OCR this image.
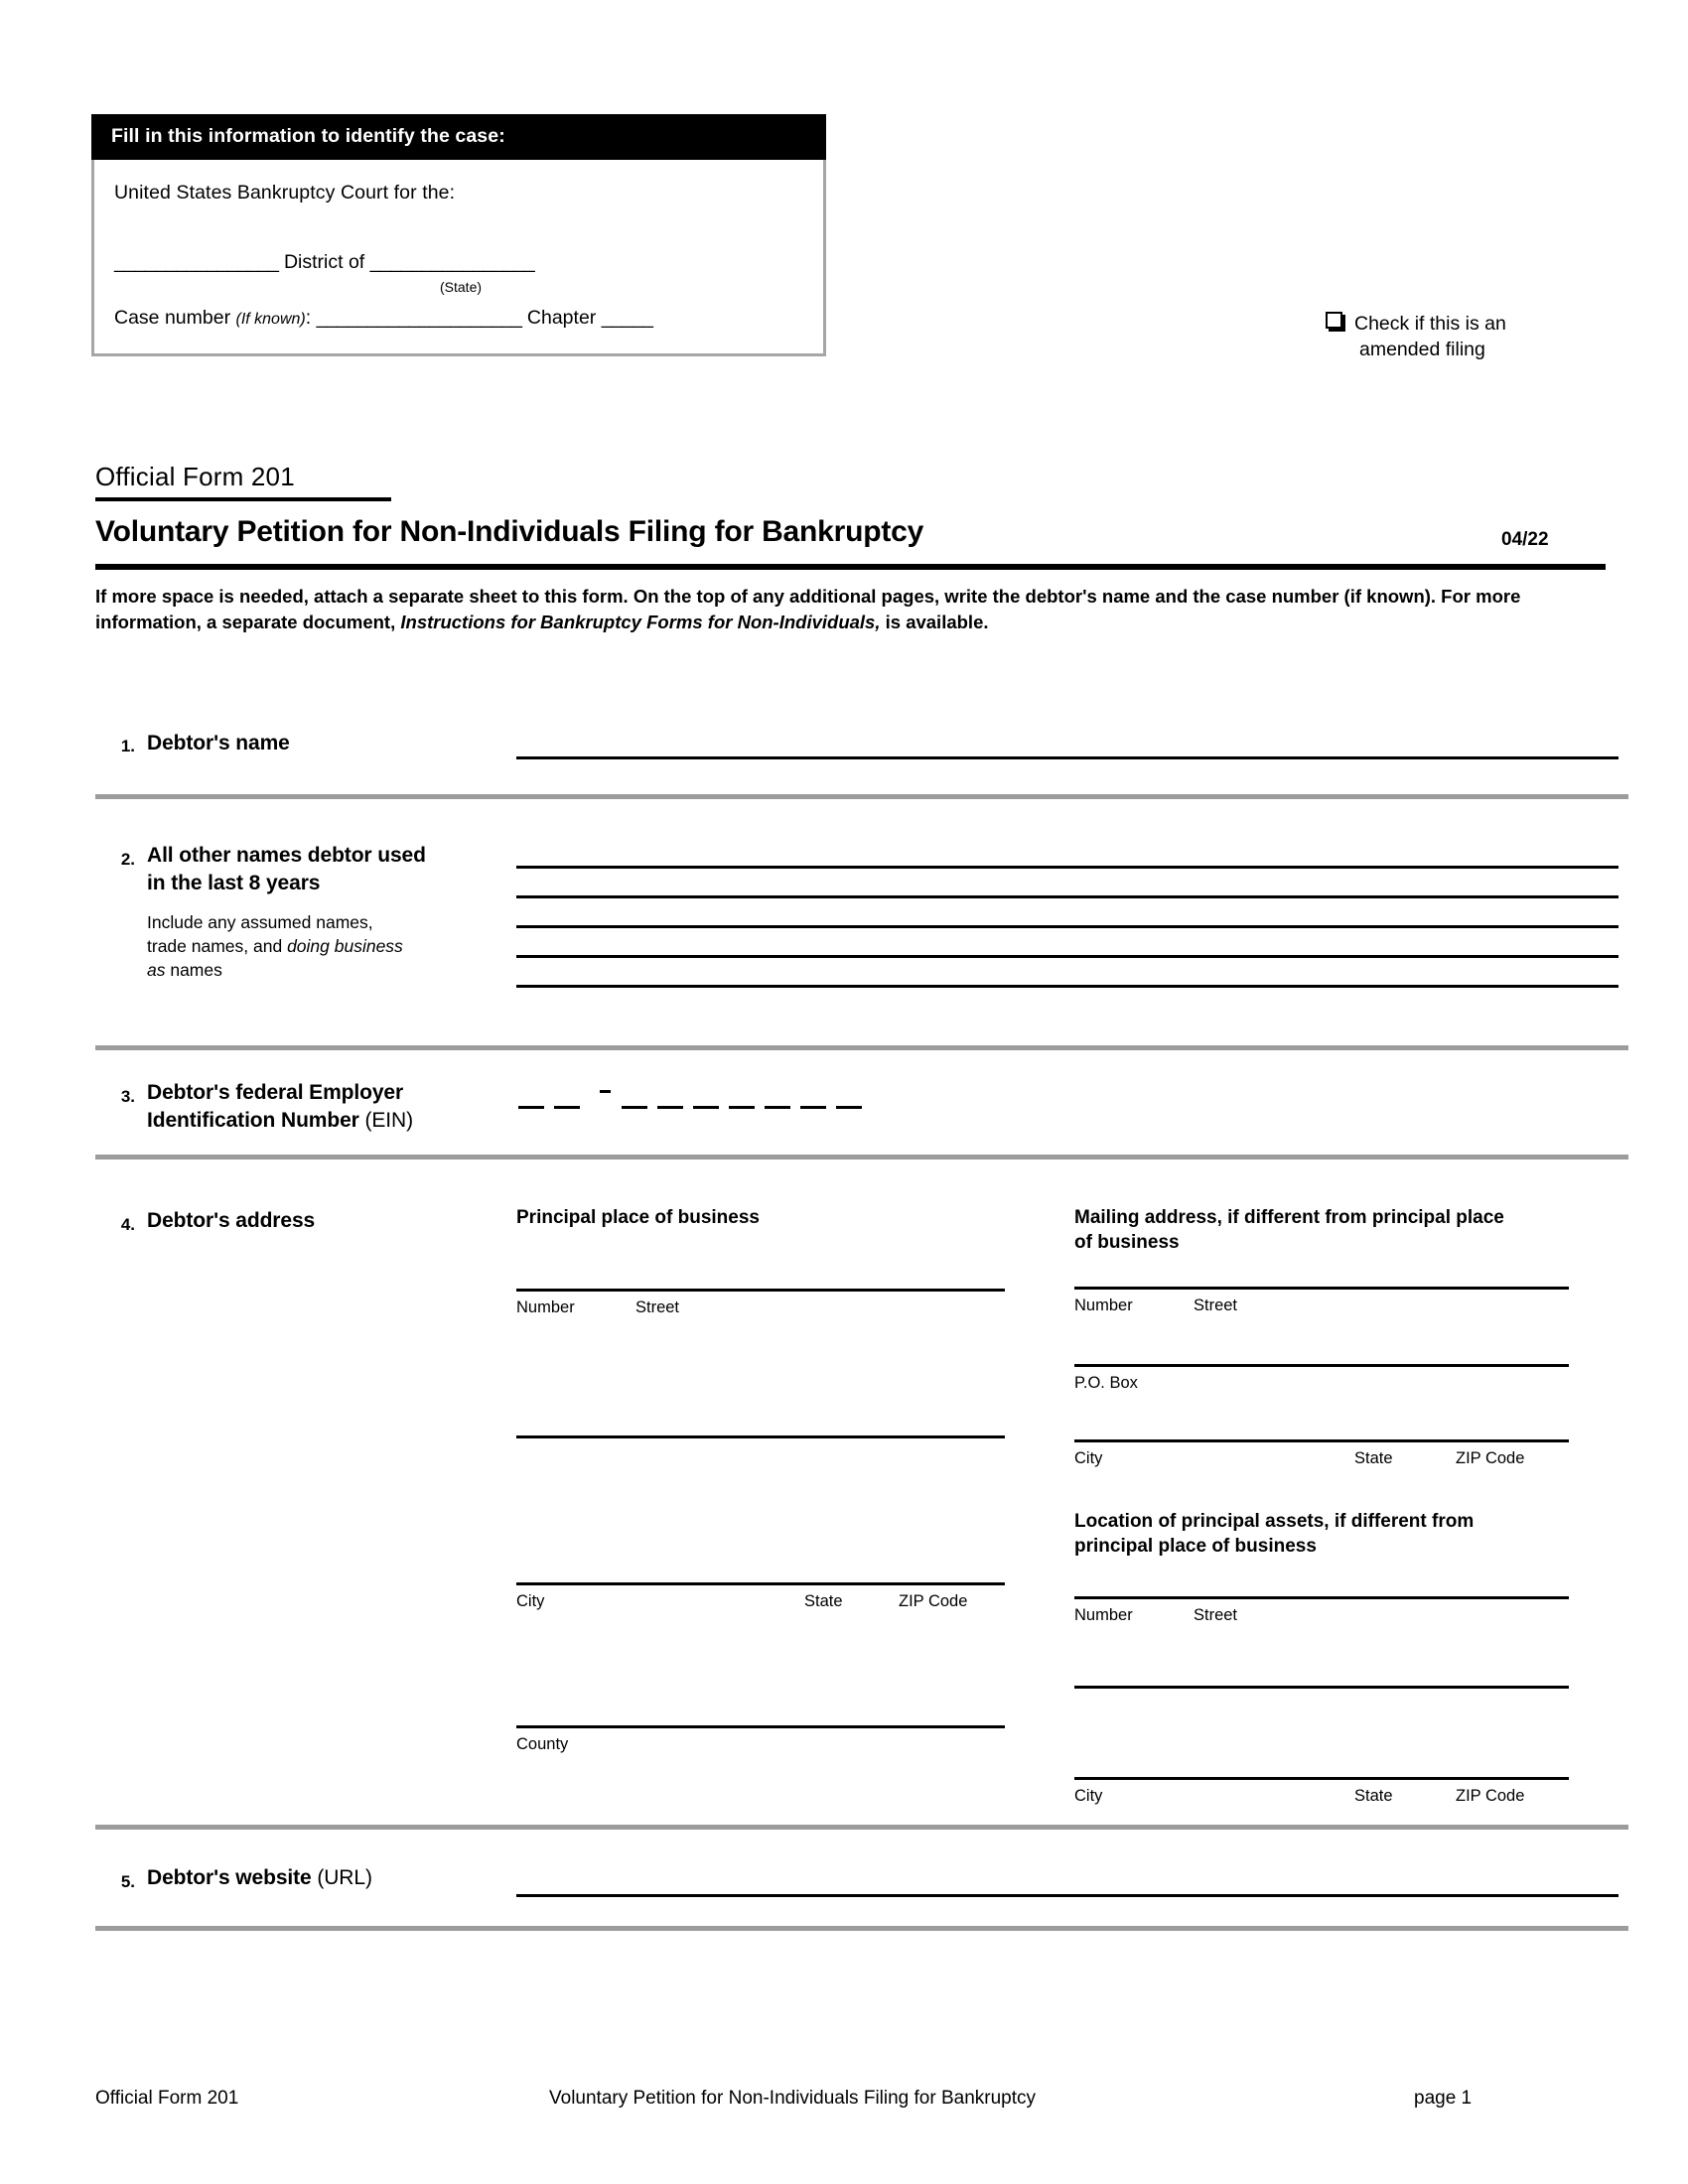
Fill in this information to identify the case:
United States Bankruptcy Court for the:
________________ District of ________________
(State)
Case number (If known): ____________________ Chapter _____	Check if this is an
amended filing
Official Form 201
Voluntary Petition for Non-Individuals Filing for Bankruptcy	04/22
If more space is needed, attach a separate sheet to this form. On the top of any additional pages, write the debtor's name and the case number (if known). For more information, a separate document, Instructions for Bankruptcy Forms for Non-Individuals, is available.
1. Debtor's name
2. All other names debtor used
in the last 8 years
Include any assumed names,
trade names, and doing business
as names
3. Debtor's federal Employer
Identification Number (EIN)
4. Debtor's address	Principal place of business
Number	Street
City	State	ZIP Code
County
Mailing address, if different from principal place
of business
Number	Street
P.O. Box
City	State	ZIP Code
Location of principal assets, if different from
principal place of business
Number	Street
City	State	ZIP Code
5. Debtor's website (URL)
Official Form 201	Voluntary Petition for Non-Individuals Filing for Bankruptcy	page 1
